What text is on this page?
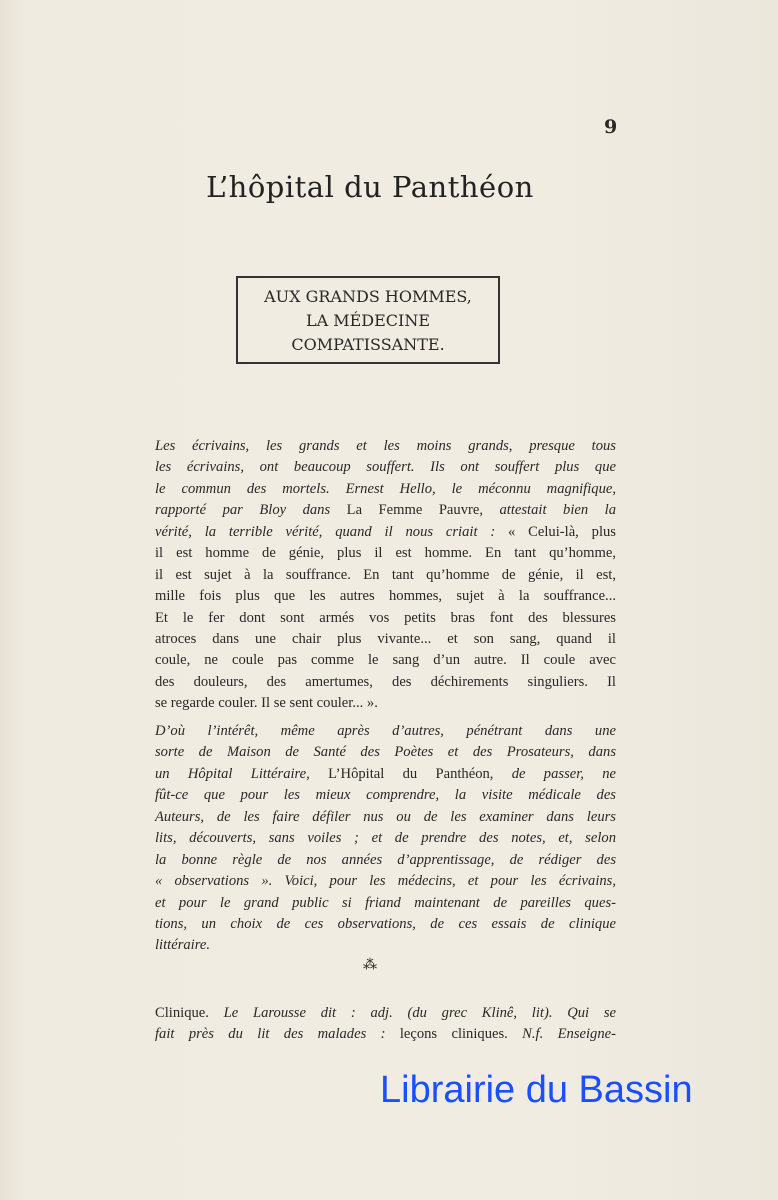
9
L’hôpital du Panthéon
AUX GRANDS HOMMES,
LA MÉDECINE
COMPATISSANTE.
Les écrivains, les grands et les moins grands, presque tous
les écrivains, ont beaucoup souffert. Ils ont souffert plus que
le commun des mortels. Ernest Hello, le méconnu magnifique,
rapporté par Bloy dans La Femme Pauvre, attestait bien la
vérité, la terrible vérité, quand il nous criait : « Celui-là, plus
il est homme de génie, plus il est homme. En tant qu’homme,
il est sujet à la souffrance. En tant qu’homme de génie, il est,
mille fois plus que les autres hommes, sujet à la souffrance...
Et le fer dont sont armés vos petits bras font des blessures
atroces dans une chair plus vivante... et son sang, quand il
coule, ne coule pas comme le sang d’un autre. Il coule avec
des douleurs, des amertumes, des déchirements singuliers. Il
se regarde couler. Il se sent couler... ».
D’où l’intérêt, même après d’autres, pénétrant dans une
sorte de Maison de Santé des Poètes et des Prosateurs, dans
un Hôpital Littéraire, L’Hôpital du Panthéon, de passer, ne
fût-ce que pour les mieux comprendre, la visite médicale des
Auteurs, de les faire défiler nus ou de les examiner dans leurs
lits, découverts, sans voiles ; et de prendre des notes, et, selon
la bonne règle de nos années d’apprentissage, de rédiger des
« observations ». Voici, pour les médecins, et pour les écrivains,
et pour le grand public si friand maintenant de pareilles ques-
tions, un choix de ces observations, de ces essais de clinique
littéraire.
⁂
Clinique. Le Larousse dit : adj. (du grec Klinê, lit). Qui se
fait près du lit des malades : leçons cliniques. N.f. Enseigne-
Librairie du Bassin
